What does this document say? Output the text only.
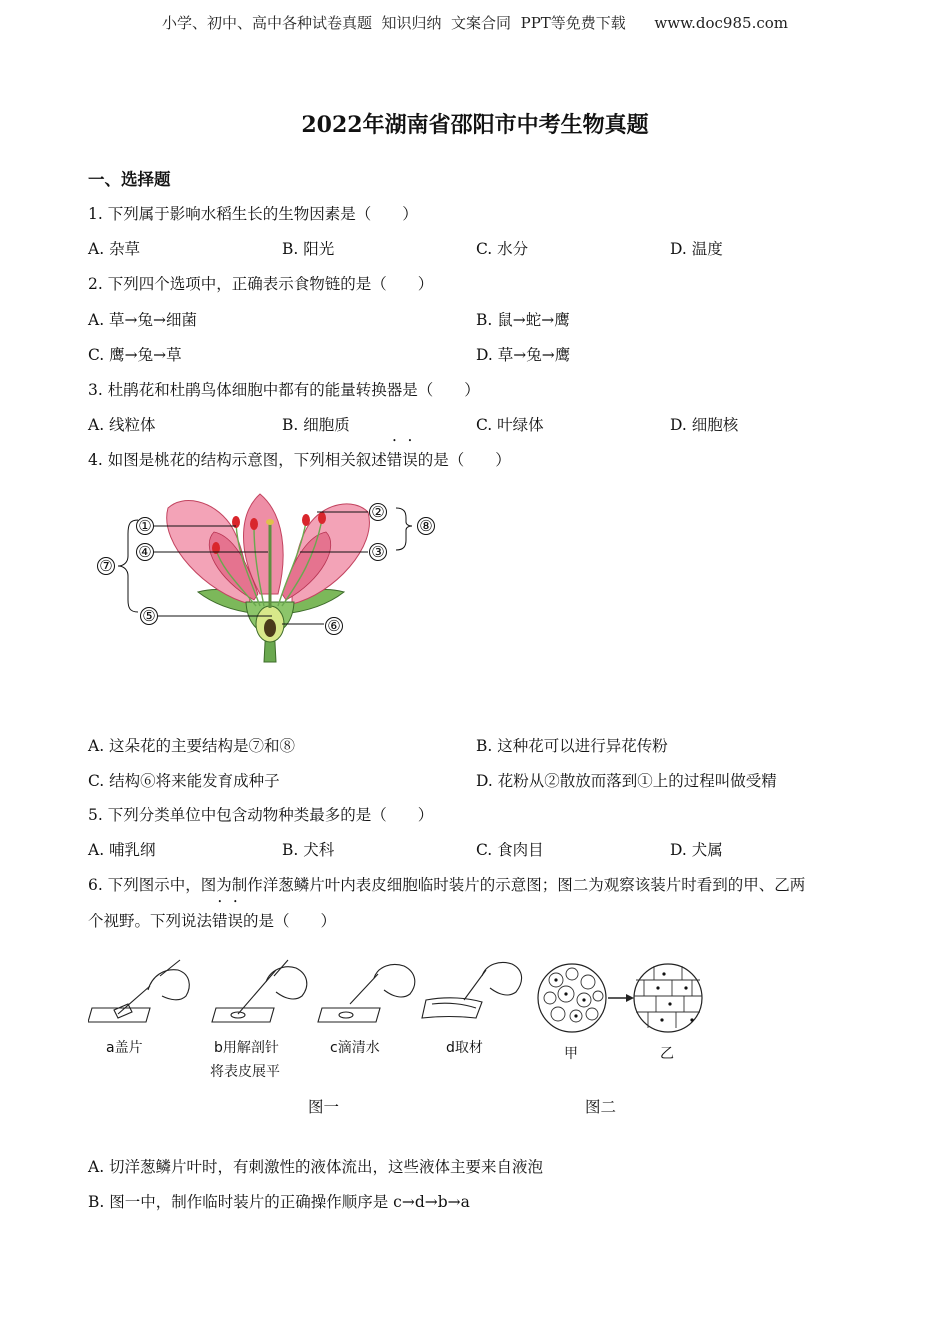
小学、初中、高中各种试卷真题  知识归纳  文案合同  PPT等免费下载      www.doc985.com
2022年湖南省邵阳市中考生物真题
一、选择题
1. 下列属于影响水稻生长的生物因素是（　　）
A. 杂草	B. 阳光	C. 水分	D. 温度
2. 下列四个选项中，正确表示食物链的是（　　）
A. 草→兔→细菌	B. 鼠→蛇→鹰
C. 鹰→兔→草	D. 草→兔→鹰
3. 杜鹃花和杜鹃鸟体细胞中都有的能量转换器是（　　）
A. 线粒体	B. 细胞质	C. 叶绿体	D. 细胞核
4. 如图是桃花的结构示意图，下列相关叙述错误的是（　　）
①
②
③
④
⑤
⑥
⑦
⑧
A. 这朵花的主要结构是⑦和⑧	B. 这种花可以进行异花传粉
C. 结构⑥将来能发育成种子	D. 花粉从②散放而落到①上的过程叫做受精
5. 下列分类单位中包含动物种类最多的是（　　）
A. 哺乳纲	B. 犬科	C. 食肉目	D. 犬属
6. 下列图示中，图为制作洋葱鳞片叶内表皮细胞临时装片的示意图；图二为观察该装片时看到的甲、乙两
个视野。下列说法错误的是（　　）
a盖片	b用解剖针
将表皮展平
c滴清水	d取材	甲	乙
图一	图二
A. 切洋葱鳞片叶时，有刺激性的液体流出，这些液体主要来自液泡
B. 图一中，制作临时装片的正确操作顺序是 c→d→b→a
